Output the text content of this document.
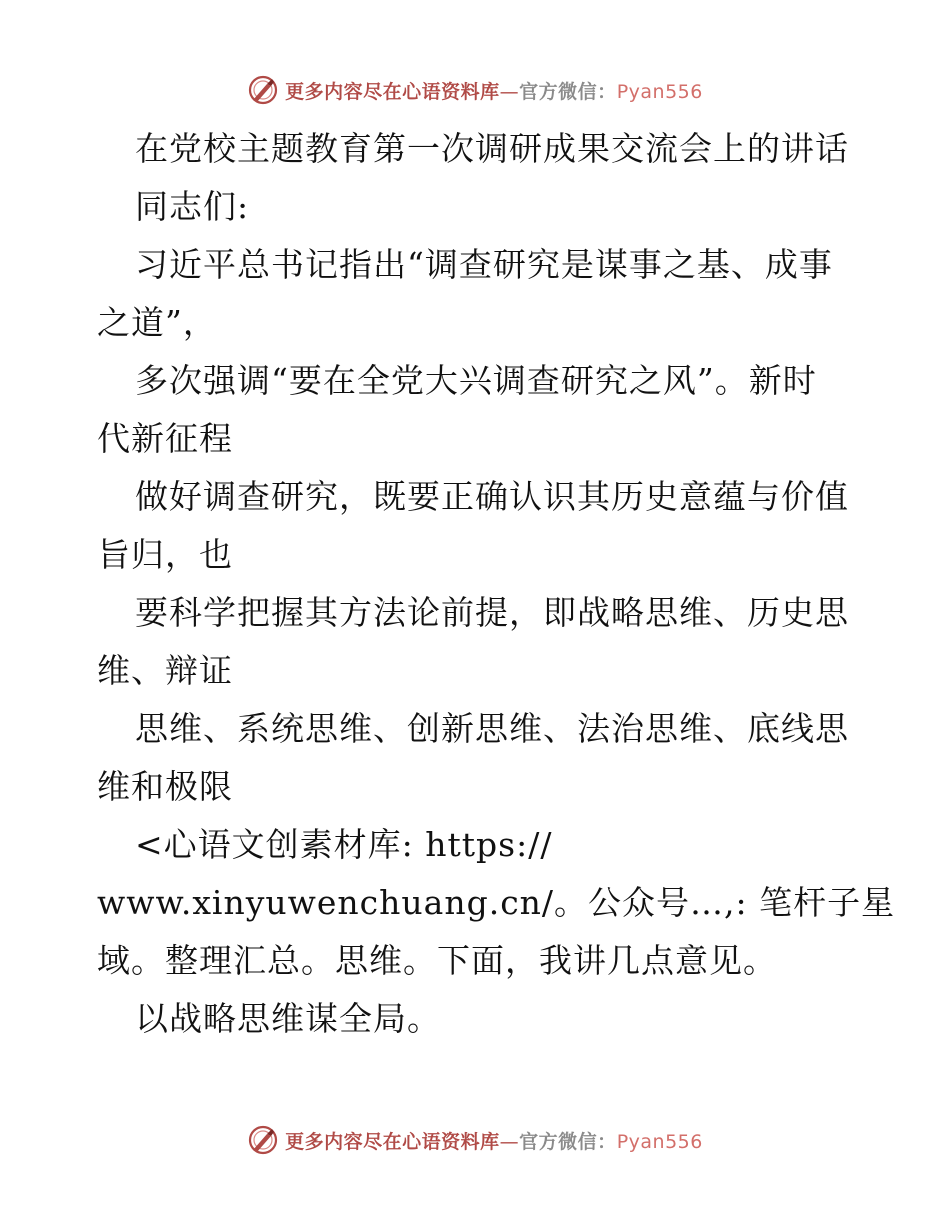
更多内容尽在心语资料库—官方微信：Pyan556
在党校主题教育第一次调研成果交流会上的讲话
同志们:
习近平总书记指出“调查研究是谋事之基、成事
之道”，
多次强调“要在全党大兴调查研究之风”。新时
代新征程
做好调查研究，既要正确认识其历史意蕴与价值
旨归，也
要科学把握其方法论前提，即战略思维、历史思
维、辩证
思维、系统思维、创新思维、法治思维、底线思
维和极限
<心语文创素材库: https://
www.xinyuwenchuang.cn/。公众号…,: 笔杆子星
域。整理汇总。思维。下面，我讲几点意见。
以战略思维谋全局。
更多内容尽在心语资料库—官方微信：Pyan556
